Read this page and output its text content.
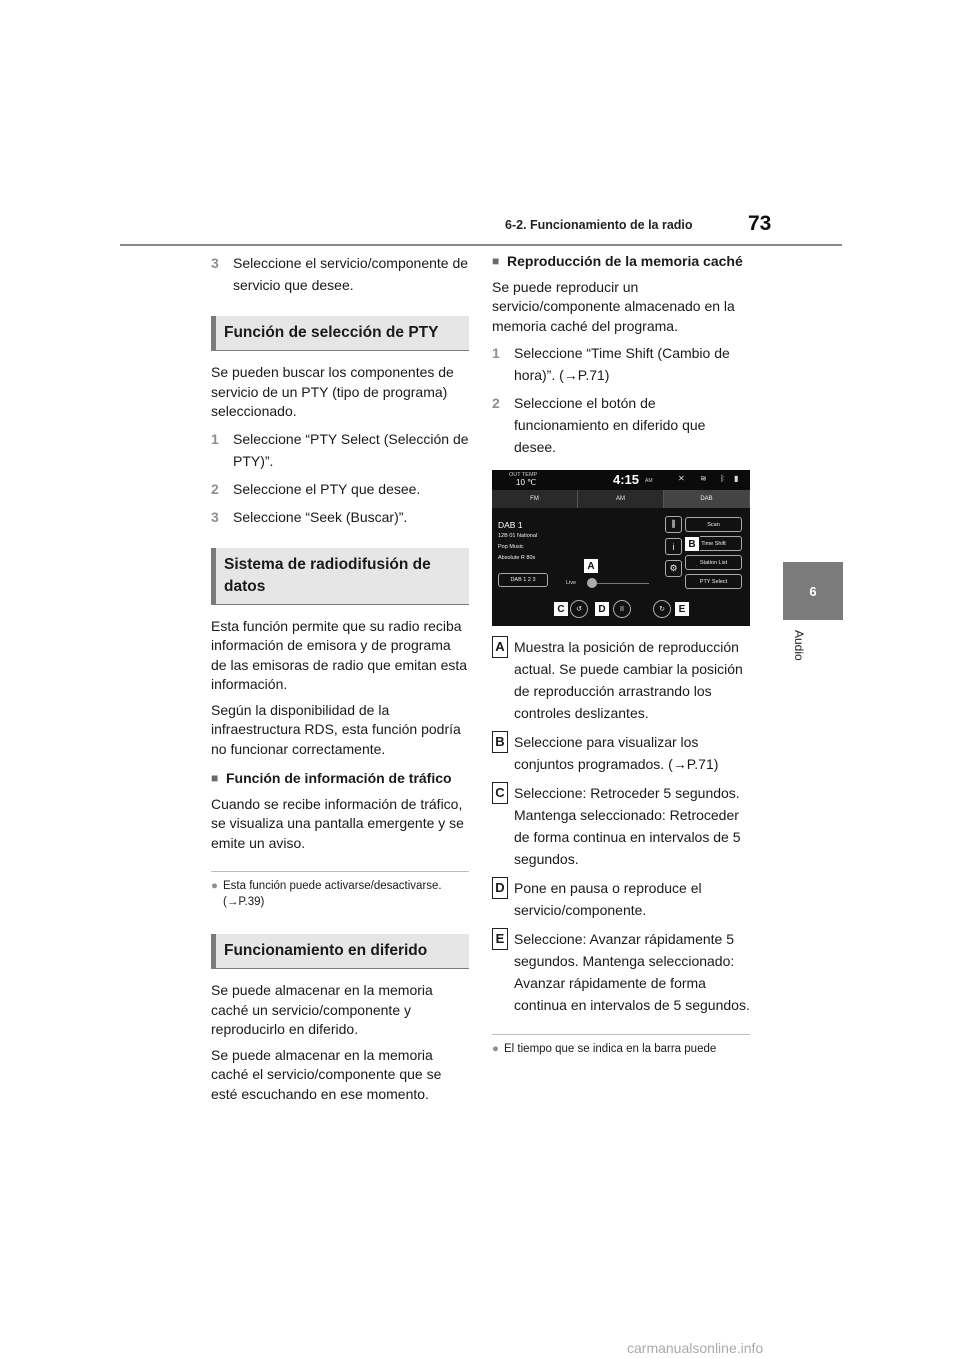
6-2. Funcionamiento de la radio	73
6
Audio
3	Seleccione el servicio/componente de servicio que desee.
Función de selección de PTY

Se pueden buscar los componentes de servicio de un PTY (tipo de programa) seleccionado.

1	Seleccione “PTY Select (Selección de PTY)”.
2	Seleccione el PTY que desee.
3	Seleccione “Seek (Buscar)”.
Sistema de radiodifusión de datos

Esta función permite que su radio reciba información de emisora y de programa de las emisoras de radio que emitan esta información.

Según la disponibilidad de la infraestructura RDS, esta función podría no funcionar correctamente.

■ Función de información de tráfico

Cuando se recibe información de tráfico, se visualiza una pantalla emergente y se emite un aviso.

● Esta función puede activarse/desactivarse. (→P.39)
Funcionamiento en diferido

Se puede almacenar en la memoria caché un servicio/componente y reproducirlo en diferido.

Se puede almacenar en la memoria caché el servicio/componente que se esté escuchando en ese momento.

■ Reproducción de la memoria caché

Se puede reproducir un servicio/componente almacenado en la memoria caché del programa.

1	Seleccione “Time Shift (Cambio de hora)”. (→P.71)
2	Seleccione el botón de funcionamiento en diferido que desee.
OUT TEMP
10 ℃	4:15 AM	✕ ≋ ᛒ ▮
FM	AM	DAB
DAB 1
12B 01 National
Pop Music
Absolute R 80s
⫼
i
⚙
Scan
Time Shift
Station List
PTY Select
DAB 1 2 3	Live
↺	II	↻
A
B
C	D	E
A Muestra la posición de reproducción actual. Se puede cambiar la posición de reproducción arrastrando los controles deslizantes.
B Seleccione para visualizar los conjuntos programados. (→P.71)
C Seleccione: Retroceder 5 segundos. Mantenga seleccionado: Retroceder de forma continua en intervalos de 5 segundos.
D Pone en pausa o reproduce el servicio/componente.
E Seleccione: Avanzar rápidamente 5 segundos. Mantenga seleccionado: Avanzar rápidamente de forma continua en intervalos de 5 segundos.
● El tiempo que se indica en la barra puede
carmanualsonline.info
